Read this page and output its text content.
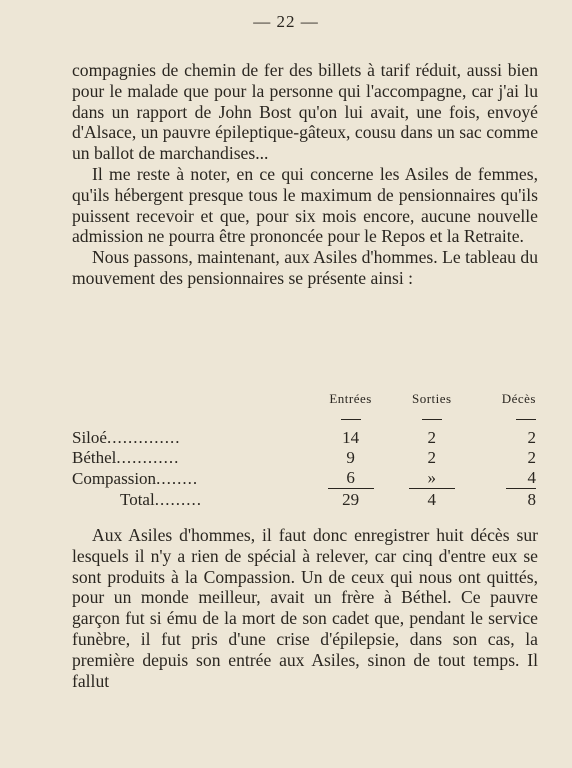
— 22 —

compagnies de chemin de fer des billets à tarif réduit, aussi bien pour le malade que pour la personne qui l'accompagne, car j'ai lu dans un rapport de John Bost qu'on lui avait, une fois, envoyé d'Alsace, un pauvre épileptique-gâteux, cousu dans un sac comme un ballot de marchandises...

Il me reste à noter, en ce qui concerne les Asiles de femmes, qu'ils hébergent presque tous le maximum de pensionnaires qu'ils puissent recevoir et que, pour six mois encore, aucune nouvelle admission ne pourra être prononcée pour le Repos et la Retraite.

Nous passons, maintenant, aux Asiles d'hommes. Le tableau du mouvement des pensionnaires se présente ainsi :

	Entrées	Sorties	Décès

Siloé..............	14	2	2
Béthel............	9	2	2
Compassion........	6	»	4
Total.........	29	4	8

Aux Asiles d'hommes, il faut donc enregistrer huit décès sur lesquels il n'y a rien de spécial à relever, car cinq d'entre eux se sont produits à la Compassion. Un de ceux qui nous ont quittés, pour un monde meilleur, avait un frère à Béthel. Ce pauvre garçon fut si ému de la mort de son cadet que, pendant le service funèbre, il fut pris d'une crise d'épilepsie, dans son cas, la première depuis son entrée aux Asiles, sinon de tout temps. Il fallut
